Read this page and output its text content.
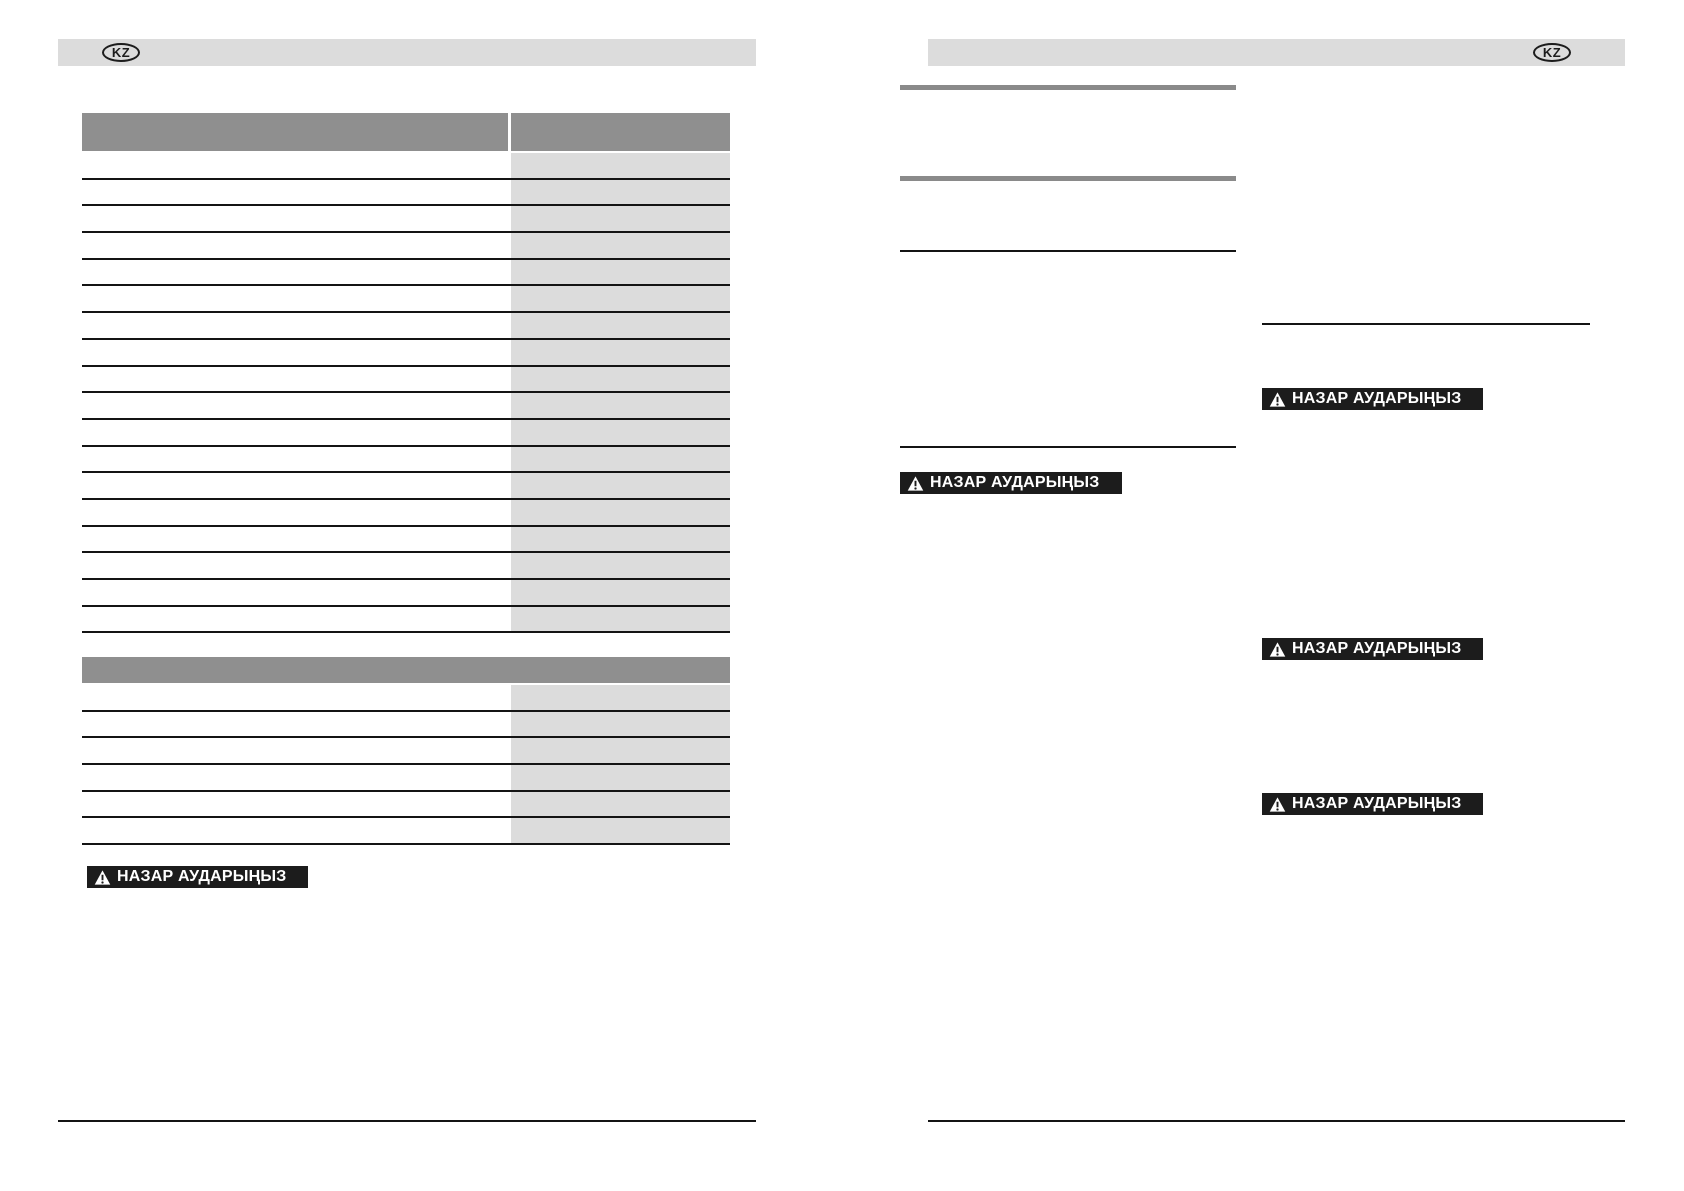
KZ	KZ
НАЗАР АУДАРЫҢЫЗ
НАЗАР АУДАРЫҢЫЗ
НАЗАР АУДАРЫҢЫЗ
НАЗАР АУДАРЫҢЫЗ
НАЗАР АУДАРЫҢЫЗ
